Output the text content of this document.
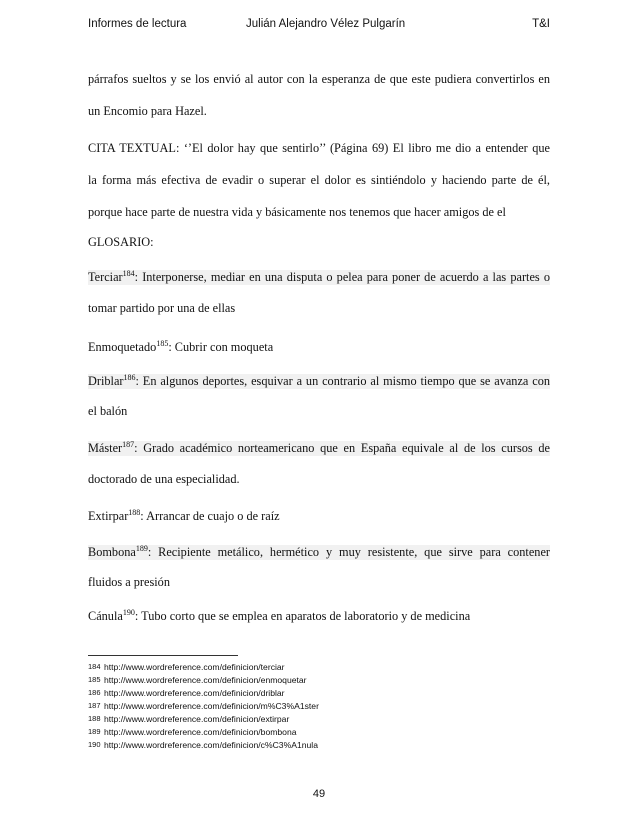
Informes de lectura	Julián Alejandro Vélez Pulgarín	T&I
párrafos sueltos y se los envió al autor con la esperanza de que este pudiera convertirlos en
un Encomio para Hazel.
CITA TEXTUAL: ‘’El dolor hay que sentirlo’’ (Página 69) El libro me dio a entender que
la forma más efectiva de evadir o superar el dolor es sintiéndolo y haciendo parte de él,
porque hace parte de nuestra vida y básicamente nos tenemos que hacer amigos de el
GLOSARIO:
Terciar$^{184}$: Interponerse, mediar en una disputa o pelea para poner de acuerdo a las partes o
tomar partido por una de ellas
Enmoquetado$^{185}$: Cubrir con moqueta
Driblar$^{186}$: En algunos deportes, esquivar a un contrario al mismo tiempo que se avanza con
el balón
Máster$^{187}$: Grado académico norteamericano que en España equivale al de los cursos de
doctorado de una especialidad.
Extirpar$^{188}$: Arrancar de cuajo o de raíz
Bombona$^{189}$: Recipiente metálico, hermético y muy resistente, que sirve para contener
fluidos a presión
Cánula$^{190}$: Tubo corto que se emplea en aparatos de laboratorio y de medicina
184 http://www.wordreference.com/definicion/terciar
185 http://www.wordreference.com/definicion/enmoquetar
186 http://www.wordreference.com/definicion/driblar
187 http://www.wordreference.com/definicion/m%C3%A1ster
188 http://www.wordreference.com/definicion/extirpar
189 http://www.wordreference.com/definicion/bombona
190 http://www.wordreference.com/definicion/c%C3%A1nula
49
